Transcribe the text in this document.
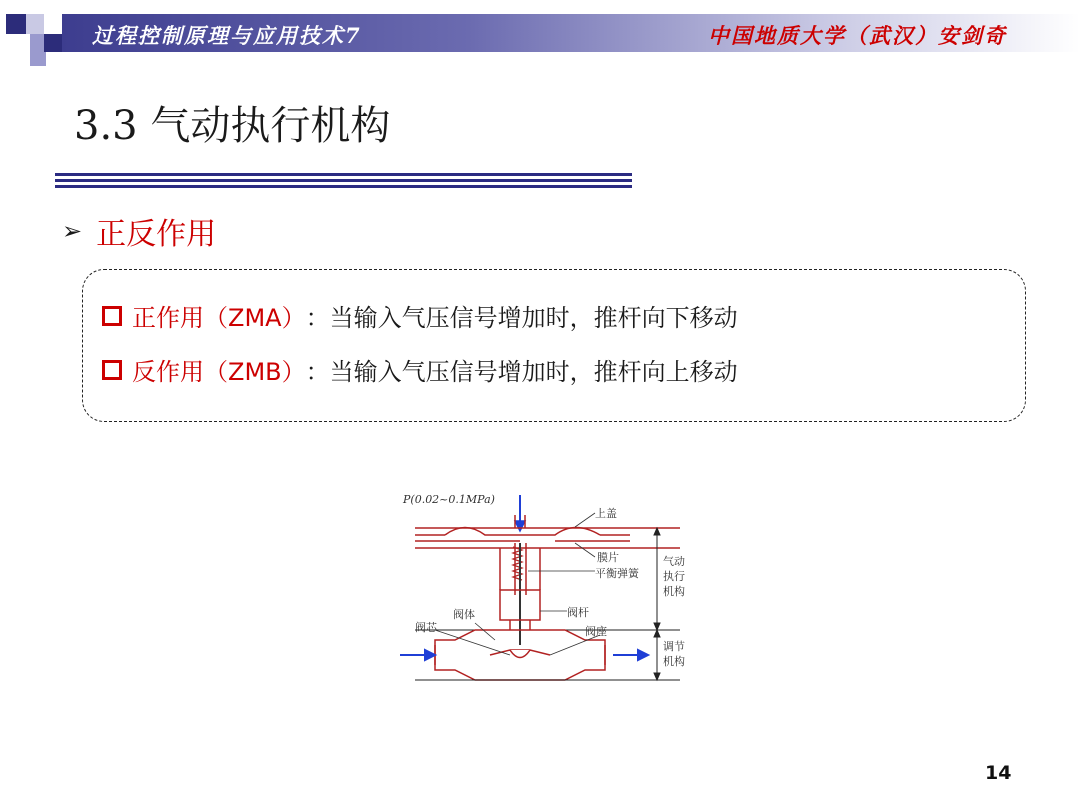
过程控制原理与应用技术7	中国地质大学（武汉）安剑奇
3.3 气动执行机构
➢ 正反作用
正作用（ZMA） ：当输入气压信号增加时，推杆向下移动
反作用（ZMB） ：当输入气压信号增加时，推杆向上移动
P(0.02~0.1MPa)
上盖
膜片
平衡弹簧
阀杆
阀体
阀芯	阀座
气动
执行
机构
调节
机构
14
